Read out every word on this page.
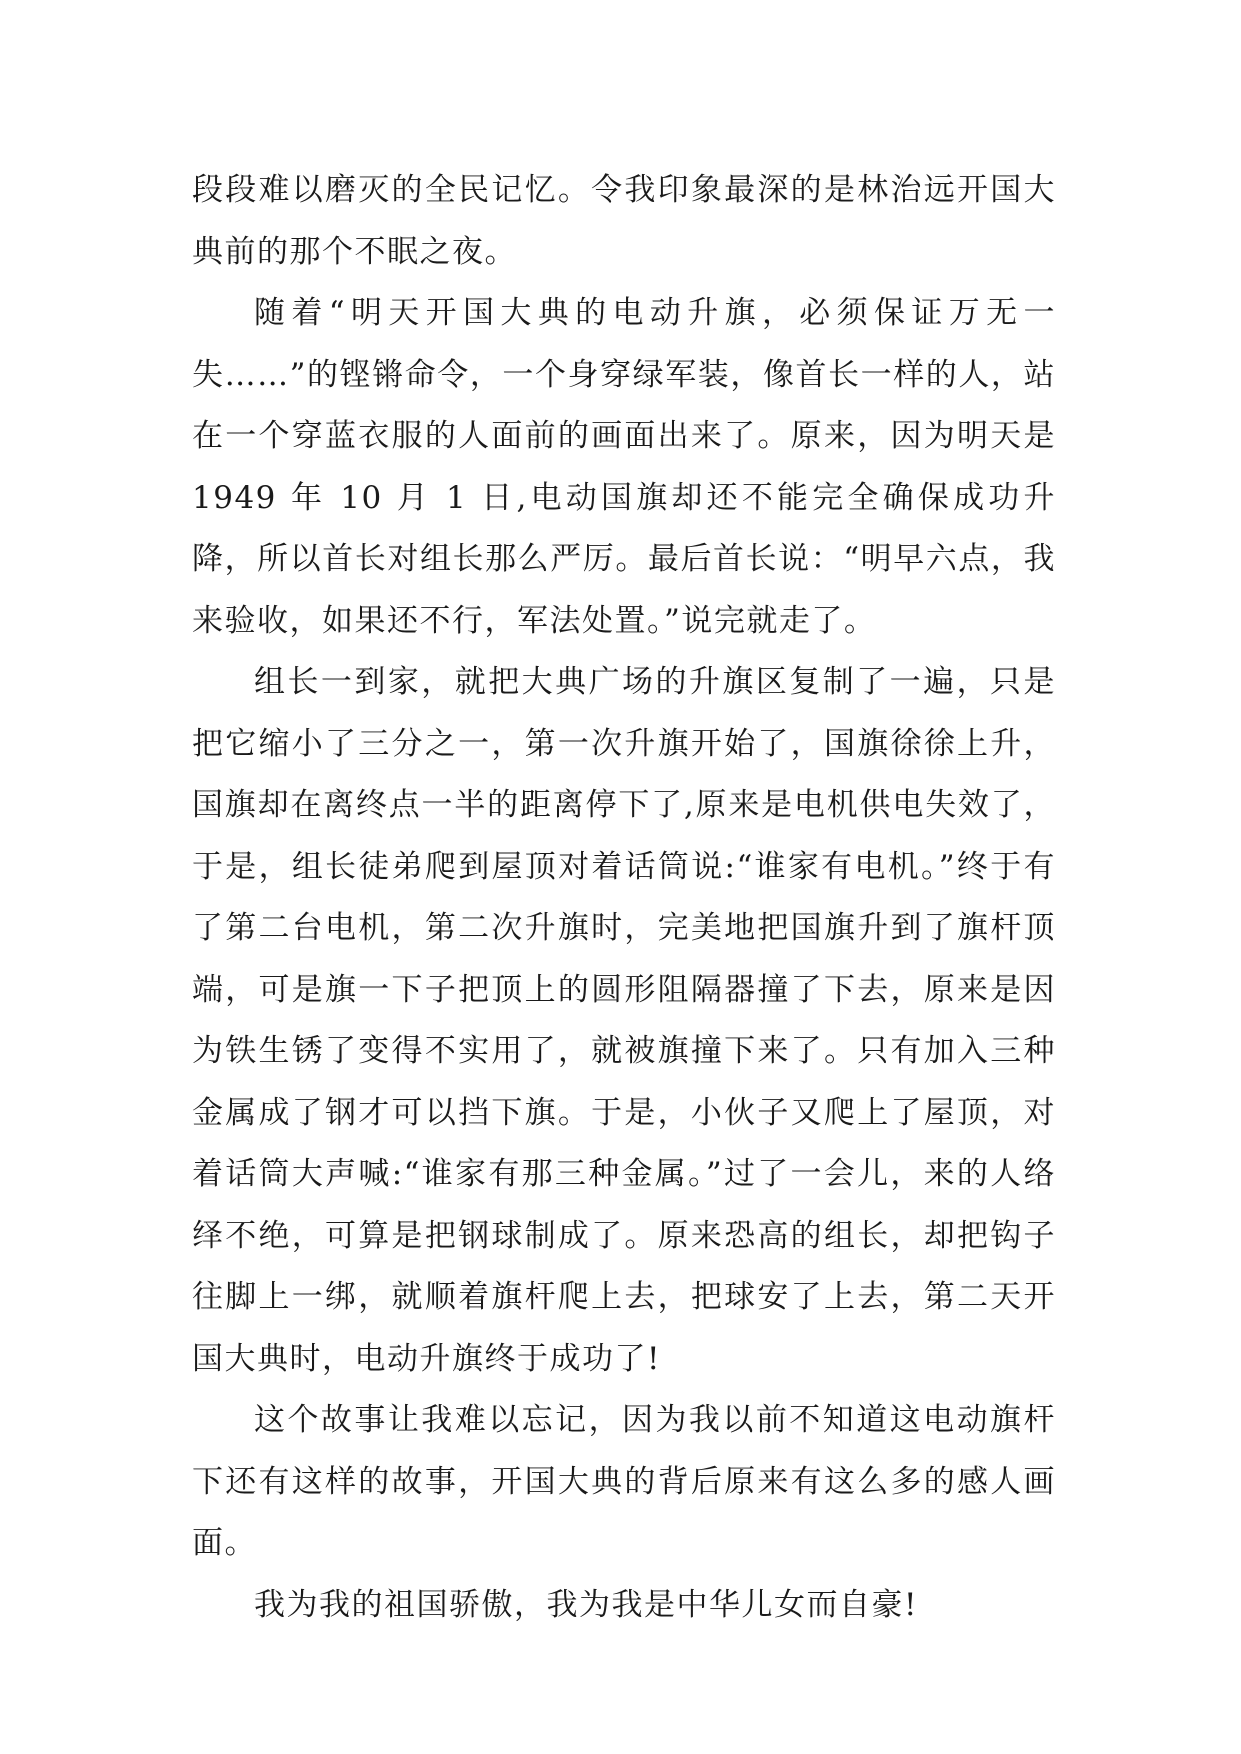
段段难以磨灭的全民记忆。令我印象最深的是林治远开国大典前的那个不眠之夜。

随着“明天开国大典的电动升旗，必须保证万无一失……”的铿锵命令，一个身穿绿军装，像首长一样的人，站在一个穿蓝衣服的人面前的画面出来了。原来，因为明天是 1949 年 10 月 1 日,电动国旗却还不能完全确保成功升降，所以首长对组长那么严厉。最后首长说：“明早六点，我来验收，如果还不行，军法处置。”说完就走了。

组长一到家，就把大典广场的升旗区复制了一遍，只是把它缩小了三分之一，第一次升旗开始了，国旗徐徐上升，国旗却在离终点一半的距离停下了,原来是电机供电失效了，于是，组长徒弟爬到屋顶对着话筒说:“谁家有电机。”终于有了第二台电机，第二次升旗时，完美地把国旗升到了旗杆顶端，可是旗一下子把顶上的圆形阻隔器撞了下去，原来是因为铁生锈了变得不实用了，就被旗撞下来了。只有加入三种金属成了钢才可以挡下旗。于是，小伙子又爬上了屋顶，对着话筒大声喊:“谁家有那三种金属。”过了一会儿，来的人络绎不绝，可算是把钢球制成了。原来恐高的组长，却把钩子往脚上一绑，就顺着旗杆爬上去，把球安了上去，第二天开国大典时，电动升旗终于成功了!

这个故事让我难以忘记，因为我以前不知道这电动旗杆下还有这样的故事，开国大典的背后原来有这么多的感人画面。

我为我的祖国骄傲，我为我是中华儿女而自豪!
